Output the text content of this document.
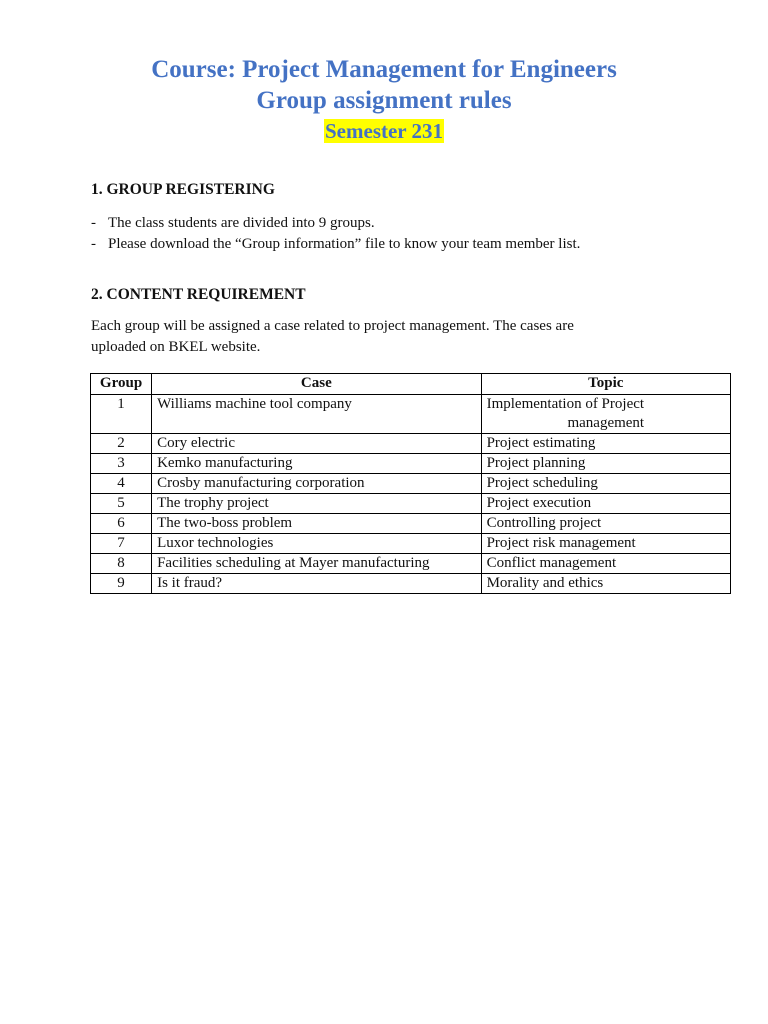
Course: Project Management for Engineers
Group assignment rules
Semester 231
1. GROUP REGISTERING
- The class students are divided into 9 groups.
- Please download the “Group information” file to know your team member list.
2. CONTENT REQUIREMENT
Each group will be assigned a case related to project management. The cases are
uploaded on BKEL website.
Group	Case	Topic
1	Williams machine tool company	Implementation of Project
management

2	Cory electric	Project estimating
3	Kemko manufacturing	Project planning
4	Crosby manufacturing corporation	Project scheduling
5	The trophy project	Project execution
6	The two-boss problem	Controlling project
7	Luxor technologies	Project risk management
8	Facilities scheduling at Mayer manufacturing	Conflict management
9	Is it fraud?	Morality and ethics
